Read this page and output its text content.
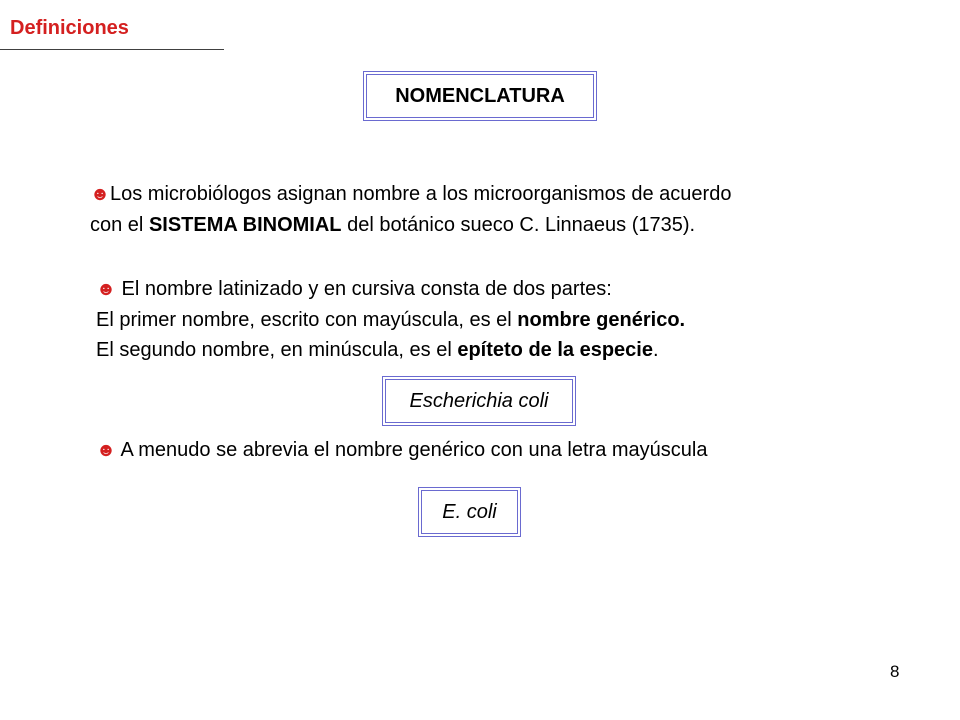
Definiciones
NOMENCLATURA
☻Los microbiólogos asignan nombre a los microorganismos de acuerdo
con el SISTEMA BINOMIAL del botánico sueco C. Linnaeus (1735).
☻ El nombre latinizado y en cursiva consta de dos partes:
El primer nombre, escrito con mayúscula, es el nombre genérico.
El segundo nombre, en minúscula, es el epíteto de la especie.
Escherichia coli
☻ A menudo se abrevia el nombre genérico con una letra mayúscula
E. coli
8
